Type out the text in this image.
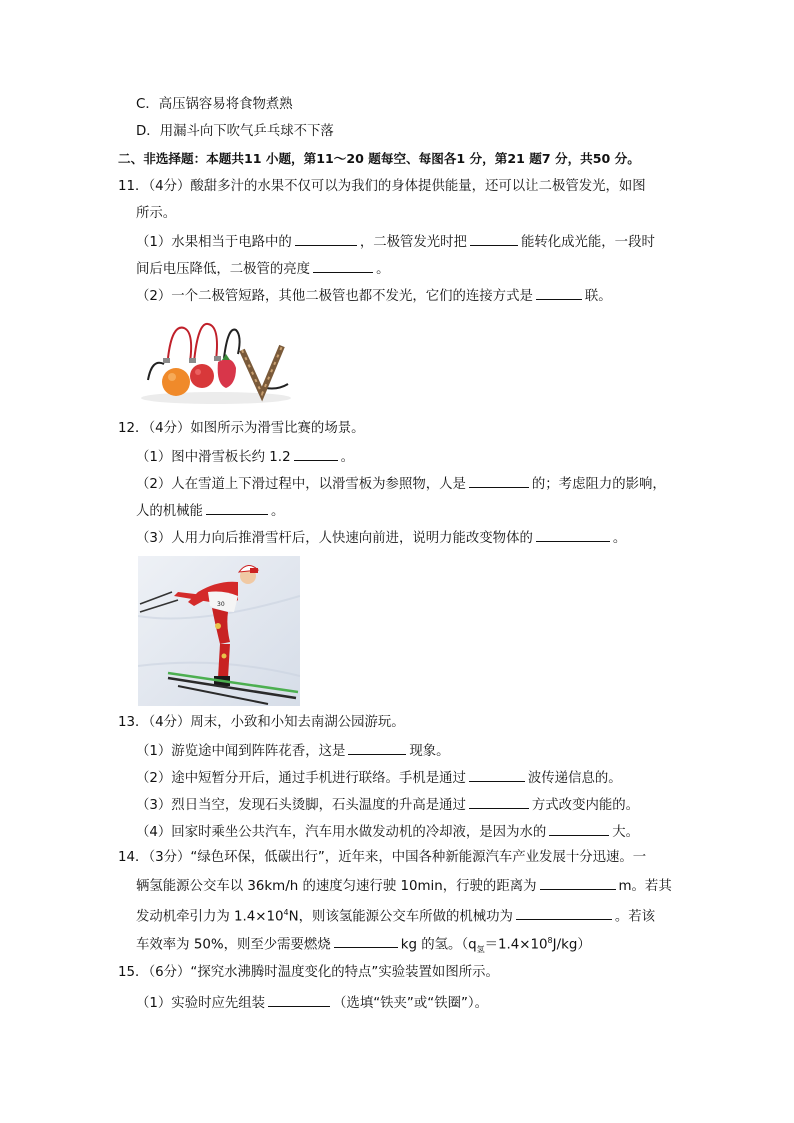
C．高压锅容易将食物煮熟
D．用漏斗向下吹气乒乓球不下落
二、非选择题：本题共11 小题，第11～20 题每空、每图各1 分，第21 题7 分，共50 分。
11．（4分）酸甜多汁的水果不仅可以为我们的身体提供能量，还可以让二极管发光，如图
所示。
（1）水果相当于电路中的	，二极管发光时把	能转化成光能，一段时
间后电压降低，二极管的亮度	。
（2）一个二极管短路，其他二极管也都不发光，它们的连接方式是	联。
12．（4分）如图所示为滑雪比赛的场景。
（1）图中滑雪板长约 1.2	。
（2）人在雪道上下滑过程中，以滑雪板为参照物，人是	的；考虑阻力的影响，
人的机械能	。
（3）人用力向后推滑雪杆后，人快速向前进，说明力能改变物体的	。
30
13．（4分）周末，小致和小知去南湖公园游玩。
（1）游览途中闻到阵阵花香，这是	现象。
（2）途中短暂分开后，通过手机进行联络。手机是通过	波传递信息的。
（3）烈日当空，发现石头烫脚，石头温度的升高是通过	方式改变内能的。
（4）回家时乘坐公共汽车，汽车用水做发动机的冷却液，是因为水的	大。
14．（3分）“绿色环保，低碳出行”，近年来，中国各种新能源汽车产业发展十分迅速。一
辆氢能源公交车以 36km/h 的速度匀速行驶 10min，行驶的距离为	m。若其
发动机牵引力为 $1.4\times 10^4N$，则该氢能源公交车所做的机械功为	。若该
车效率为 50%，则至少需要燃烧	kg 的氢。$(q_氢=1.4\times 10^8J/kg)$
15．（6分）“探究水沸腾时温度变化的特点”实验装置如图所示。
（1）实验时应先组装	（选填“铁夹”或“铁圈”）。
